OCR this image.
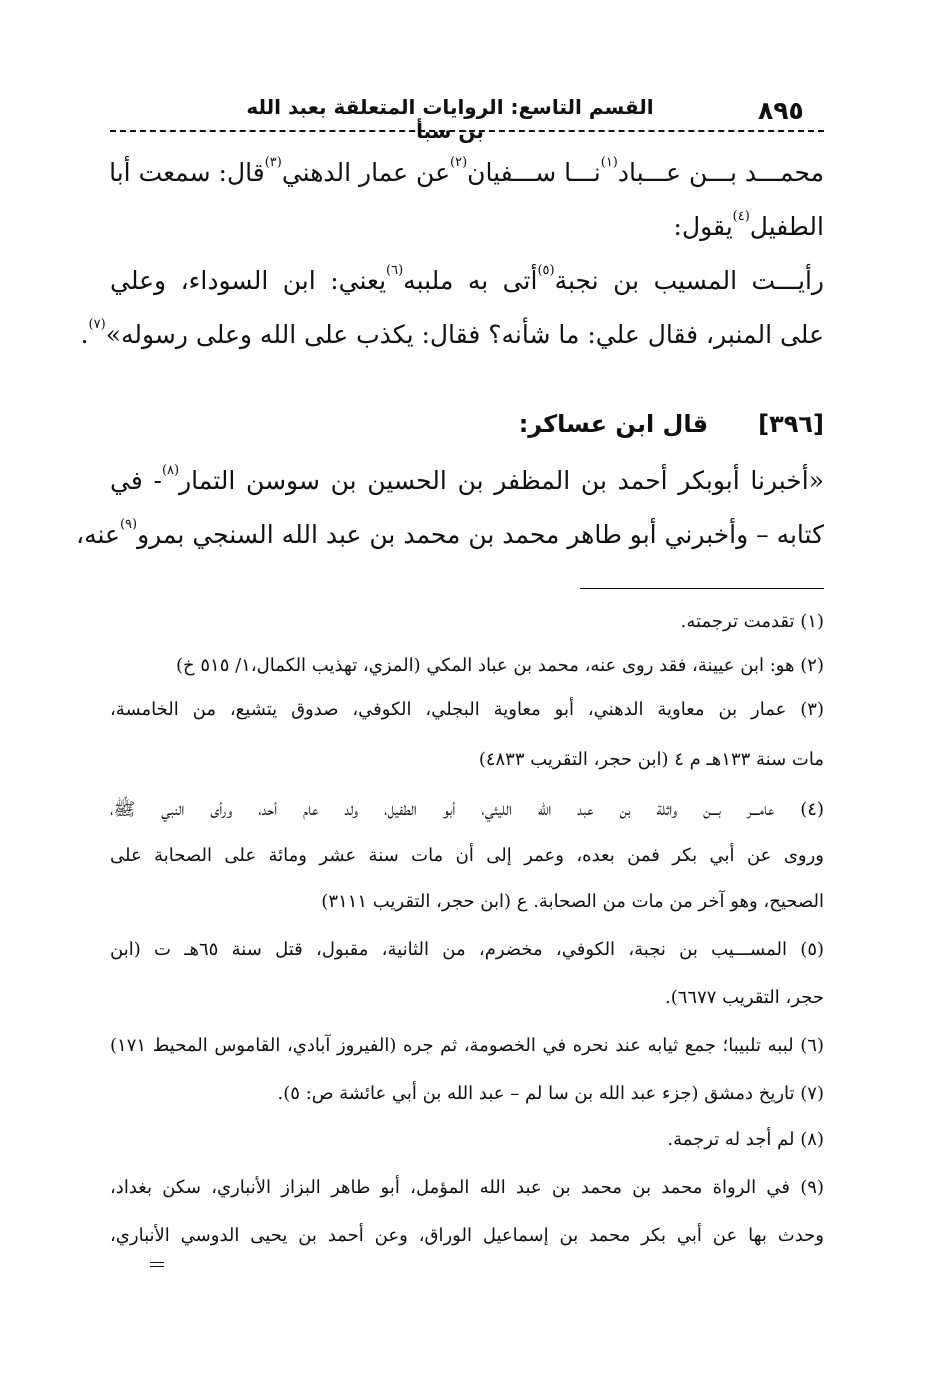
٨٩٥
القسم التاسع: الروايات المتعلقة بعبد الله بن سبأ
محمـــد بـــن عـــباد$^{(١)}$نـــا ســـفيان$^{(٢)}$عن عمار الدهني$^{(٣)}$قال: سمعت أبا
الطفيل$^{(٤)}$يقول:
رأيـــت المسيب بن نجبة$^{(٥)}$أتى به ملببه$^{(٦)}$يعني: ابن السوداء، وعلي
على المنبر، فقال علي: ما شأنه؟ فقال: يكذب على الله وعلى رسوله»$^{(٧)}$.
[٣٩٦]قال ابن عساكر:
«أخبرنا أبوبكر أحمد بن المظفر بن الحسين بن سوسن التمار$^{(٨)}$- في
كتابه – وأخبرني أبو طاهر محمد بن محمد بن عبد الله السنجي بمرو$^{(٩)}$عنه،
(١) تقدمت ترجمته.
(٢) هو: ابن عيينة، فقد روى عنه، محمد بن عباد المكي (المزي، تهذيب الكمال،١/ ٥١٥ خ)
(٣) عمار بن معاوية الدهني، أبو معاوية البجلي، الكوفي، صدوق يتشيع، من الخامسة،
مات سنة ١٣٣هـ م ٤ (ابن حجر، التقريب ٤٨٣٣)
(٤) عامـــر بـــن واثلة بن عبد الله الليثي، أبو الطفيل، ولد عام أحد، ورأى النبي ﷺ،
وروى عن أبي بكر فمن بعده، وعمر إلى أن مات سنة عشر ومائة على الصحابة على
الصحيح، وهو آخر من مات من الصحابة. ع (ابن حجر، التقريب ٣١١١)
(٥) المســـيب بن نجبة، الكوفي، مخضرم، من الثانية، مقبول، قتل سنة ٦٥هـ ت (ابن
حجر، التقريب ٦٦٧٧).
(٦) لببه تلبيبا؛ جمع ثيابه عند نحره في الخصومة، ثم جره (الفيروز آبادي، القاموس المحيط ١٧١)
(٧) تاريخ دمشق (جزء عبد الله بن سا لم – عبد الله بن أبي عائشة ص: ٥).
(٨) لم أجد له ترجمة.
(٩) في الرواة محمد بن محمد بن عبد الله المؤمل، أبو طاهر البزاز الأنباري، سكن بغداد،
وحدث بها عن أبي بكر محمد بن إسماعيل الوراق، وعن أحمد بن يحيى الدوسي الأنباري،
